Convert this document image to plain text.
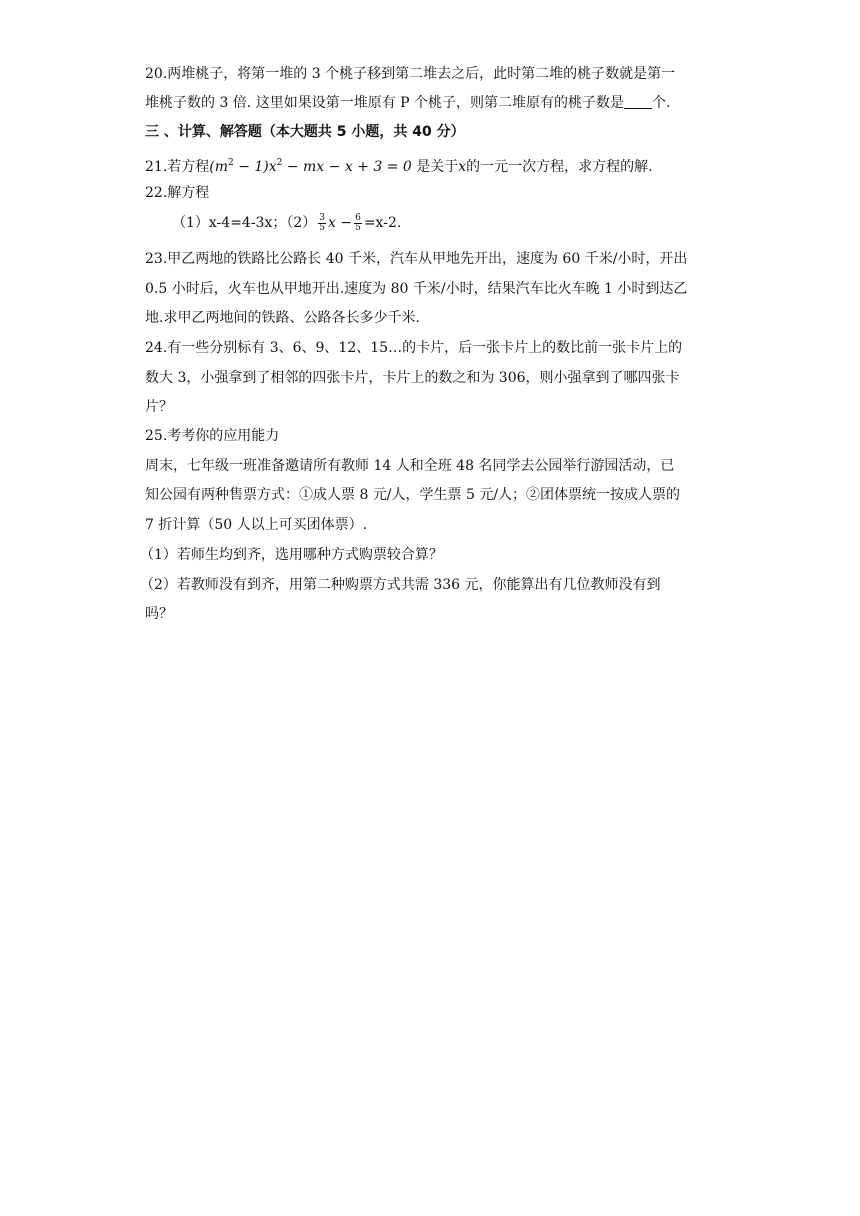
20.两堆桃子，将第一堆的 3 个桃子移到第二堆去之后，此时第二堆的桃子数就是第一
堆桃子数的 3 倍. 这里如果设第一堆原有 P 个桃子，则第二堆原有的桃子数是 个.
三 、计算、解答题（本大题共 5 小题，共 40 分）
21.若方程$(m^2 - 1)x^2$ − mx − x + 3 = 0 是关于x的一元一次方程，求方程的解.
22.解方程
（1）x-4=4-3x；$(2) \frac{3}{5}$ $x - \frac{6}{5} =x-2$.
23.甲乙两地的铁路比公路长 40 千米，汽车从甲地先开出，速度为 60 千米/小时，开出
0.5 小时后，火车也从甲地开出.速度为 80 千米/小时，结果汽车比火车晚 1 小时到达乙
地.求甲乙两地间的铁路、公路各长多少千米.
24.有一些分别标有 3、6、9、12、15…的卡片，后一张卡片上的数比前一张卡片上的
数大 3，小强拿到了相邻的四张卡片，卡片上的数之和为 306，则小强拿到了哪四张卡
片？
25.考考你的应用能力
周末，七年级一班准备邀请所有教师 14 人和全班 48 名同学去公园举行游园活动，已
知公园有两种售票方式：①成人票 8 元/人，学生票 5 元/人；②团体票统一按成人票的
7 折计算（50 人以上可买团体票）.
（1）若师生均到齐，选用哪种方式购票较合算？
（2）若教师没有到齐，用第二种购票方式共需 336 元，你能算出有几位教师没有到
吗？
